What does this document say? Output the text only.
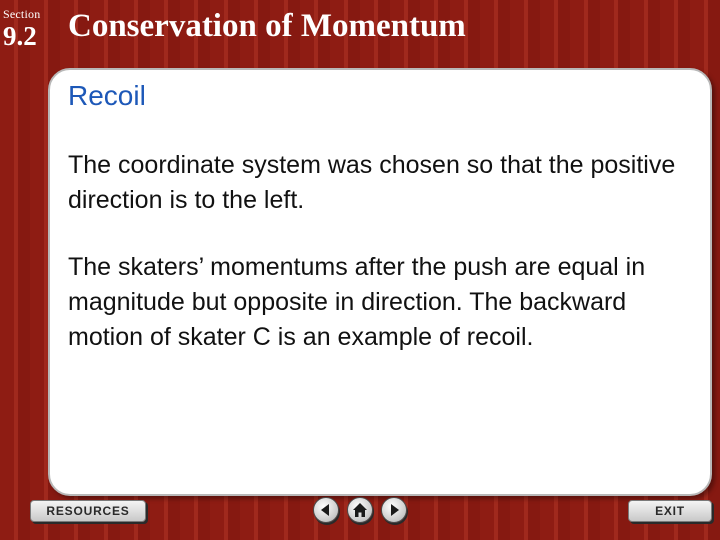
Section
9.2 Conservation of Momentum
Recoil

The coordinate system was chosen so that the positive direction is to the left.

The skaters’ momentums after the push are equal in magnitude but opposite in direction. The backward motion of skater C is an example of recoil.

RESOURCES	EXIT
